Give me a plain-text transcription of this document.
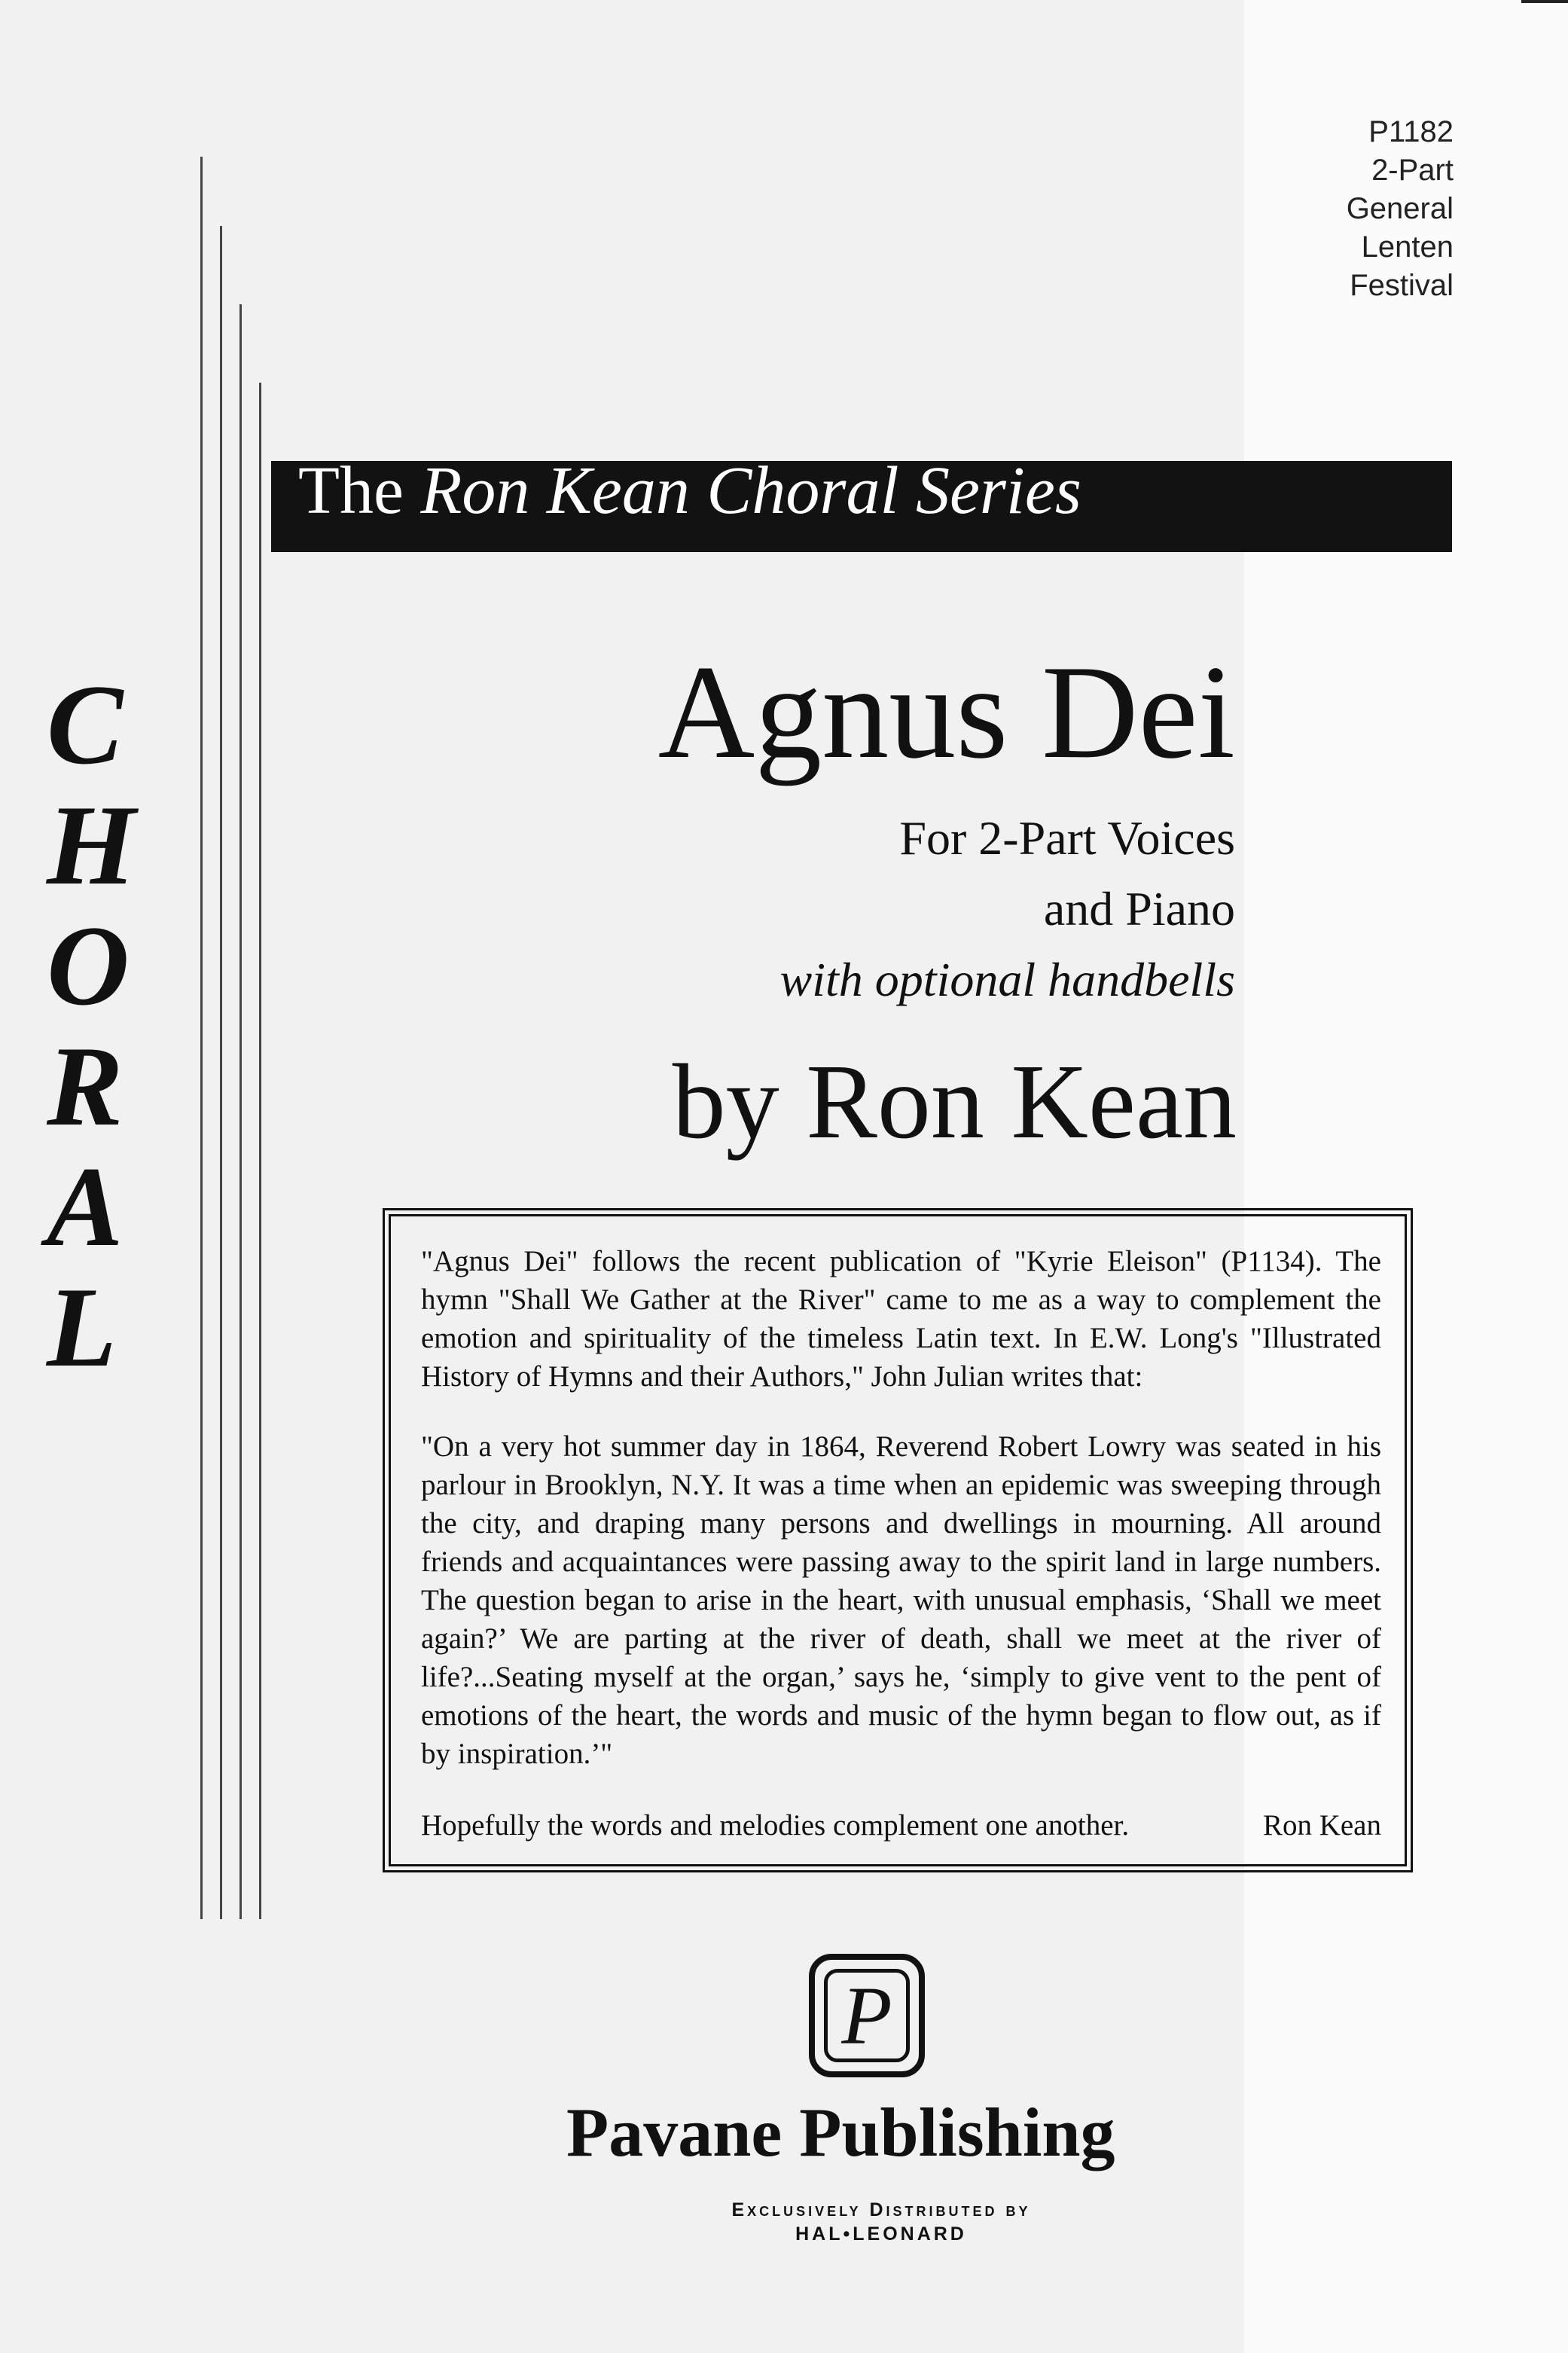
P1182
2-Part
General
Lenten
Festival
The Ron Kean Choral Series
C
H
O
R
A
L
Agnus Dei
For 2-Part Voices
and Piano
with optional handbells
by Ron Kean

"Agnus Dei" follows the recent publication of "Kyrie Eleison" (P1134). The hymn "Shall We Gather at the River" came to me as a way to complement the emotion and spirituality of the timeless Latin text. In E.W. Long's "Illustrated History of Hymns and their Authors," John Julian writes that:

"On a very hot summer day in 1864, Reverend Robert Lowry was seated in his parlour in Brooklyn, N.Y. It was a time when an epidemic was sweeping through the city, and draping many persons and dwellings in mourning. All around friends and acquaintances were passing away to the spirit land in large numbers. The question began to arise in the heart, with unusual emphasis, ‘Shall we meet again?’ We are parting at the river of death, shall we meet at the river of life?...Seating myself at the organ,’ says he, ‘simply to give vent to the pent of emotions of the heart, the words and music of the hymn began to flow out, as if by inspiration.’"

Hopefully the words and melodies complement one another.	Ron Kean

P
Pavane Publishing
Exclusively Distributed by
HAL•LEONARD
